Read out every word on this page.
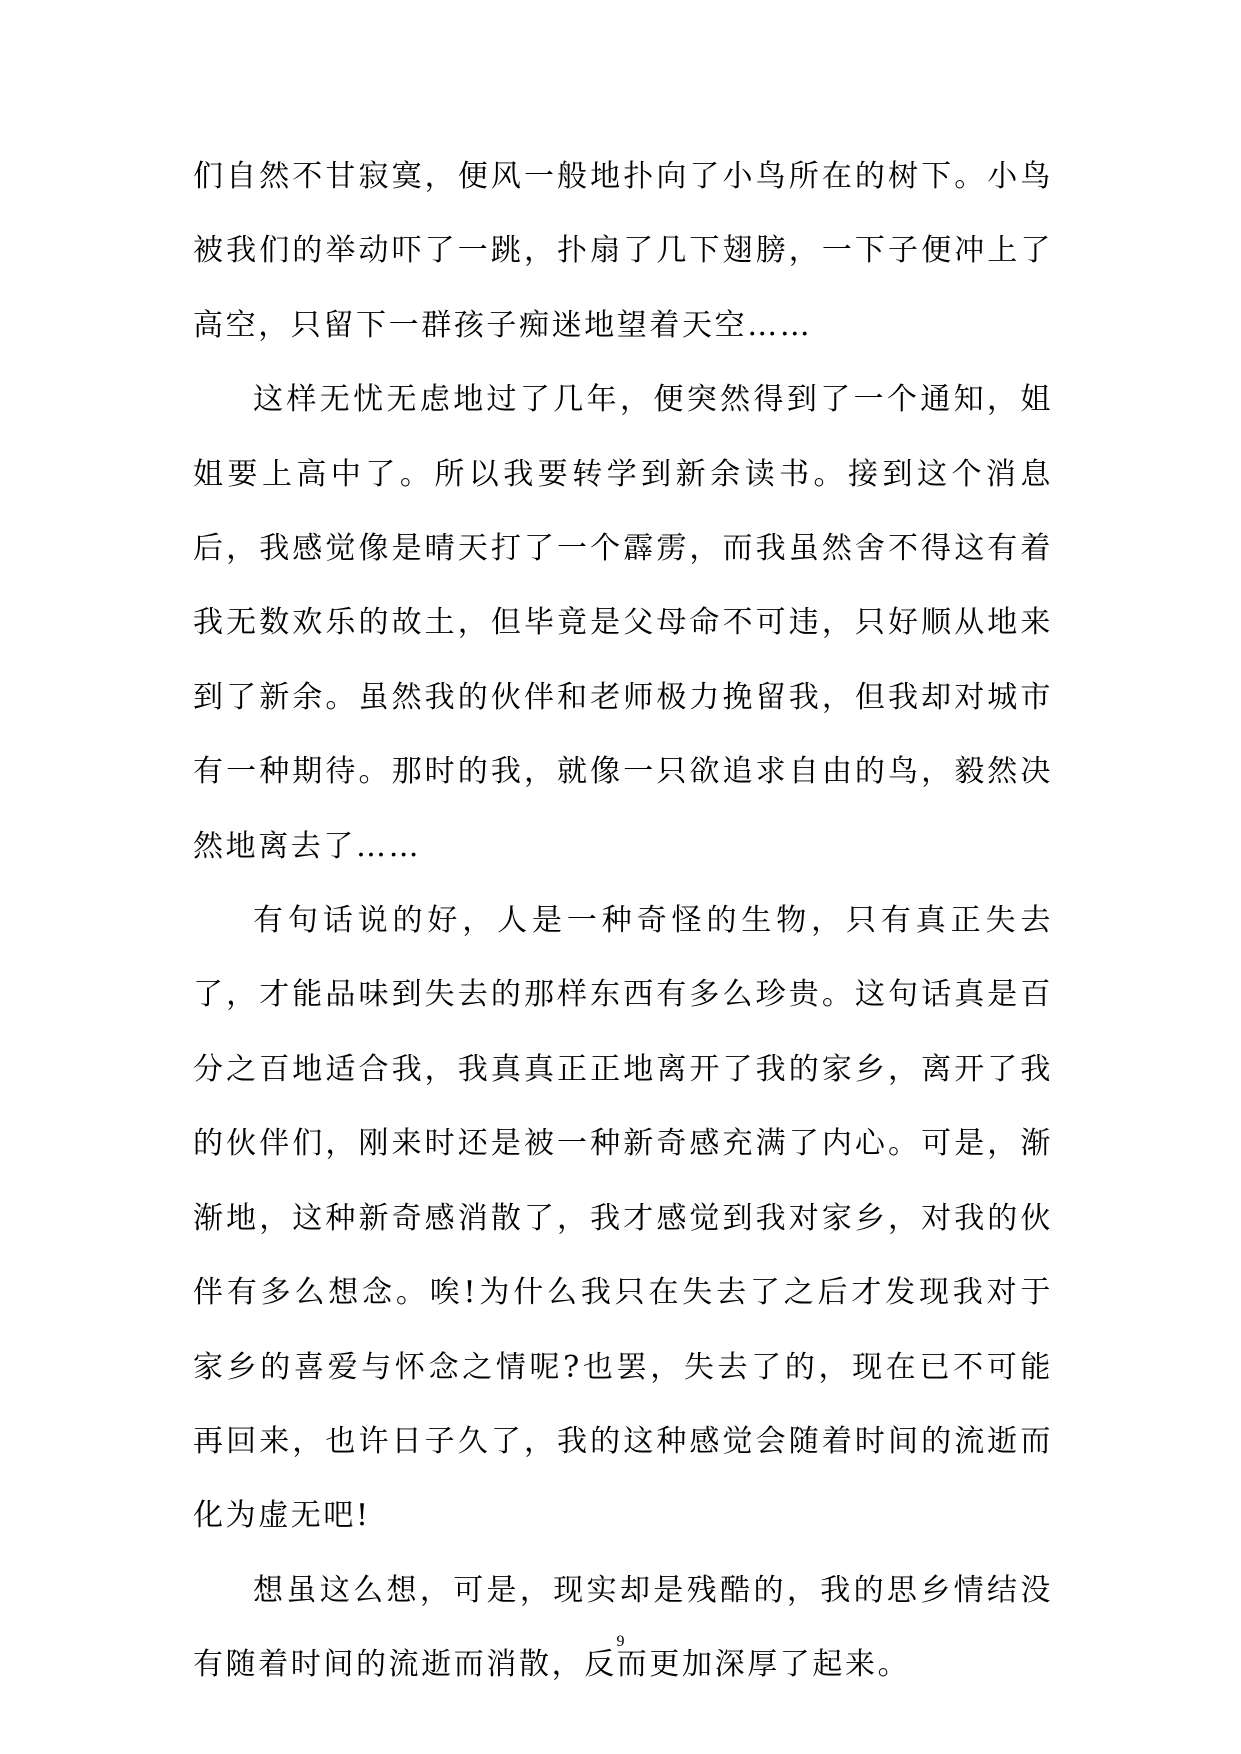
们自然不甘寂寞，便风一般地扑向了小鸟所在的树下。小鸟被我们的举动吓了一跳，扑扇了几下翅膀，一下子便冲上了高空，只留下一群孩子痴迷地望着天空……

这样无忧无虑地过了几年，便突然得到了一个通知，姐姐要上高中了。所以我要转学到新余读书。接到这个消息后，我感觉像是晴天打了一个霹雳，而我虽然舍不得这有着我无数欢乐的故土，但毕竟是父母命不可违，只好顺从地来到了新余。虽然我的伙伴和老师极力挽留我，但我却对城市有一种期待。那时的我，就像一只欲追求自由的鸟，毅然决然地离去了……

有句话说的好，人是一种奇怪的生物，只有真正失去了，才能品味到失去的那样东西有多么珍贵。这句话真是百分之百地适合我，我真真正正地离开了我的家乡，离开了我的伙伴们，刚来时还是被一种新奇感充满了内心。可是，渐渐地，这种新奇感消散了，我才感觉到我对家乡，对我的伙伴有多么想念。唉!为什么我只在失去了之后才发现我对于家乡的喜爱与怀念之情呢?也罢，失去了的，现在已不可能再回来，也许日子久了，我的这种感觉会随着时间的流逝而化为虚无吧!

想虽这么想，可是，现实却是残酷的，我的思乡情结没有随着时间的流逝而消散，反而更加深厚了起来。

9
